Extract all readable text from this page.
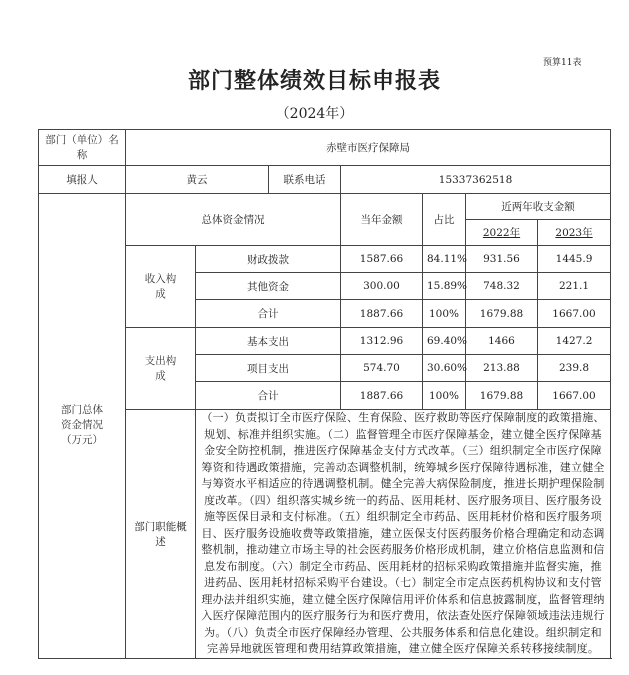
预算11表
部门整体绩效目标申报表
（2024年）
部门（单位）名称	赤壁市医疗保障局						
填报人	黄云		联系电话	15337362518			
部门总体资金情况（万元）	总体资金情况			当年金额	占比	近两年收支金额	
						2022年	2023年
	收入构成	财政拨款		1587.66	84.11%	931.56	1445.9
		其他资金		300.00	15.89%	748.32	221.1
		合计		1887.66	100%	1679.88	1667.00
	支出构成	基本支出		1312.96	69.40%	1466	1427.2
		项目支出		574.70	30.60%	213.88	239.8
		合计		1887.66	100%	1679.88	1667.00
	部门职能概述	（一）负责拟订全市医疗保险、生育保险、医疗救助等医疗保障制度的政策措施、规划、标准并组织实施。（二）监督管理全市医疗保障基金，建立健全医疗保障基金安全防控机制，推进医疗保障基金支付方式改革。（三）组织制定全市医疗保障筹资和待遇政策措施，完善动态调整机制，统筹城乡医疗保障待遇标准，建立健全与筹资水平相适应的待遇调整机制。健全完善大病保险制度，推进长期护理保险制度改革。（四）组织落实城乡统一的药品、医用耗材、医疗服务项目、医疗服务设施等医保目录和支付标准。（五）组织制定全市药品、医用耗材价格和医疗服务项目、医疗服务设施收费等政策措施，建立医保支付医药服务价格合理确定和动态调整机制，推动建立市场主导的社会医药服务价格形成机制，建立价格信息监测和信息发布制度。（六）制定全市药品、医用耗材的招标采购政策措施并监督实施，推进药品、医用耗材招标采购平台建设。（七）制定全市定点医药机构协议和支付管理办法并组织实施，建立健全医疗保障信用评价体系和信息披露制度，监督管理纳入医疗保障范围内的医疗服务行为和医疗费用，依法查处医疗保障领域违法违规行为。（八）负责全市医疗保障经办管理、公共服务体系和信息化建设。组织制定和完善异地就医管理和费用结算政策措施，建立健全医疗保障关系转移接续制度。					
